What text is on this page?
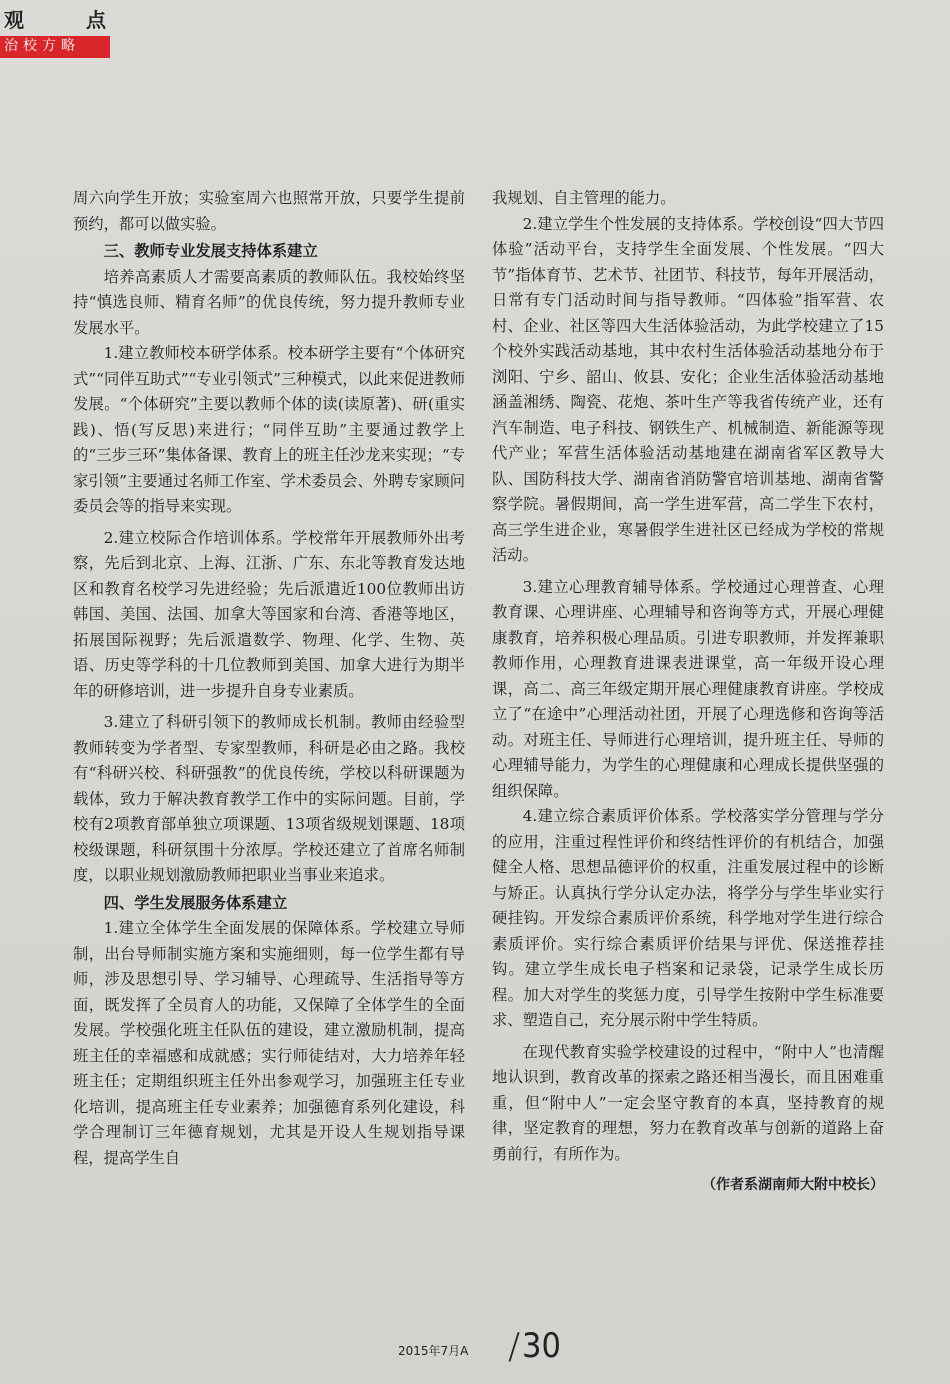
观	点
治校方略

周六向学生开放；实验室周六也照常开放，只要学生提前预约，都可以做实验。

三、教师专业发展支持体系建立

培养高素质人才需要高素质的教师队伍。我校始终坚持“慎选良师、精育名师”的优良传统，努力提升教师专业发展水平。

1.建立教师校本研学体系。校本研学主要有“个体研究式”“同伴互助式”“专业引领式”三种模式，以此来促进教师发展。“个体研究”主要以教师个体的读(读原著)、研(重实践)、悟(写反思)来进行；“同伴互助”主要通过教学上的“三步三环”集体备课、教育上的班主任沙龙来实现；“专家引领”主要通过名师工作室、学术委员会、外聘专家顾问委员会等的指导来实现。

2.建立校际合作培训体系。学校常年开展教师外出考察，先后到北京、上海、江浙、广东、东北等教育发达地区和教育名校学习先进经验；先后派遣近100位教师出访韩国、美国、法国、加拿大等国家和台湾、香港等地区，拓展国际视野；先后派遣数学、物理、化学、生物、英语、历史等学科的十几位教师到美国、加拿大进行为期半年的研修培训，进一步提升自身专业素质。

3.建立了科研引领下的教师成长机制。教师由经验型教师转变为学者型、专家型教师，科研是必由之路。我校有“科研兴校、科研强教”的优良传统，学校以科研课题为载体，致力于解决教育教学工作中的实际问题。目前，学校有2项教育部单独立项课题、13项省级规划课题、18项校级课题，科研氛围十分浓厚。学校还建立了首席名师制度，以职业规划激励教师把职业当事业来追求。

四、学生发展服务体系建立

1.建立全体学生全面发展的保障体系。学校建立导师制，出台导师制实施方案和实施细则，每一位学生都有导师，涉及思想引导、学习辅导、心理疏导、生活指导等方面，既发挥了全员育人的功能，又保障了全体学生的全面发展。学校强化班主任队伍的建设，建立激励机制，提高班主任的幸福感和成就感；实行师徒结对，大力培养年轻班主任；定期组织班主任外出参观学习，加强班主任专业化培训，提高班主任专业素养；加强德育系列化建设，科学合理制订三年德育规划，尤其是开设人生规划指导课程，提高学生自

我规划、自主管理的能力。

2.建立学生个性发展的支持体系。学校创设“四大节四体验”活动平台，支持学生全面发展、个性发展。“四大节”指体育节、艺术节、社团节、科技节，每年开展活动，日常有专门活动时间与指导教师。“四体验”指军营、农村、企业、社区等四大生活体验活动，为此学校建立了15个校外实践活动基地，其中农村生活体验活动基地分布于浏阳、宁乡、韶山、攸县、安化；企业生活体验活动基地涵盖湘绣、陶瓷、花炮、茶叶生产等我省传统产业，还有汽车制造、电子科技、钢铁生产、机械制造、新能源等现代产业；军营生活体验活动基地建在湖南省军区教导大队、国防科技大学、湖南省消防警官培训基地、湖南省警察学院。暑假期间，高一学生进军营，高二学生下农村，高三学生进企业，寒暑假学生进社区已经成为学校的常规活动。

3.建立心理教育辅导体系。学校通过心理普查、心理教育课、心理讲座、心理辅导和咨询等方式，开展心理健康教育，培养积极心理品质。引进专职教师，并发挥兼职教师作用，心理教育进课表进课堂，高一年级开设心理课，高二、高三年级定期开展心理健康教育讲座。学校成立了“在途中”心理活动社团，开展了心理选修和咨询等活动。对班主任、导师进行心理培训，提升班主任、导师的心理辅导能力，为学生的心理健康和心理成长提供坚强的组织保障。

4.建立综合素质评价体系。学校落实学分管理与学分的应用，注重过程性评价和终结性评价的有机结合，加强健全人格、思想品德评价的权重，注重发展过程中的诊断与矫正。认真执行学分认定办法，将学分与学生毕业实行硬挂钩。开发综合素质评价系统，科学地对学生进行综合素质评价。实行综合素质评价结果与评优、保送推荐挂钩。建立学生成长电子档案和记录袋，记录学生成长历程。加大对学生的奖惩力度，引导学生按附中学生标准要求、塑造自己，充分展示附中学生特质。

在现代教育实验学校建设的过程中，“附中人”也清醒地认识到，教育改革的探索之路还相当漫长，而且困难重重，但“附中人”一定会坚守教育的本真，坚持教育的规律，坚定教育的理想，努力在教育改革与创新的道路上奋勇前行，有所作为。

（作者系湖南师大附中校长）
2015年7月A / 30
